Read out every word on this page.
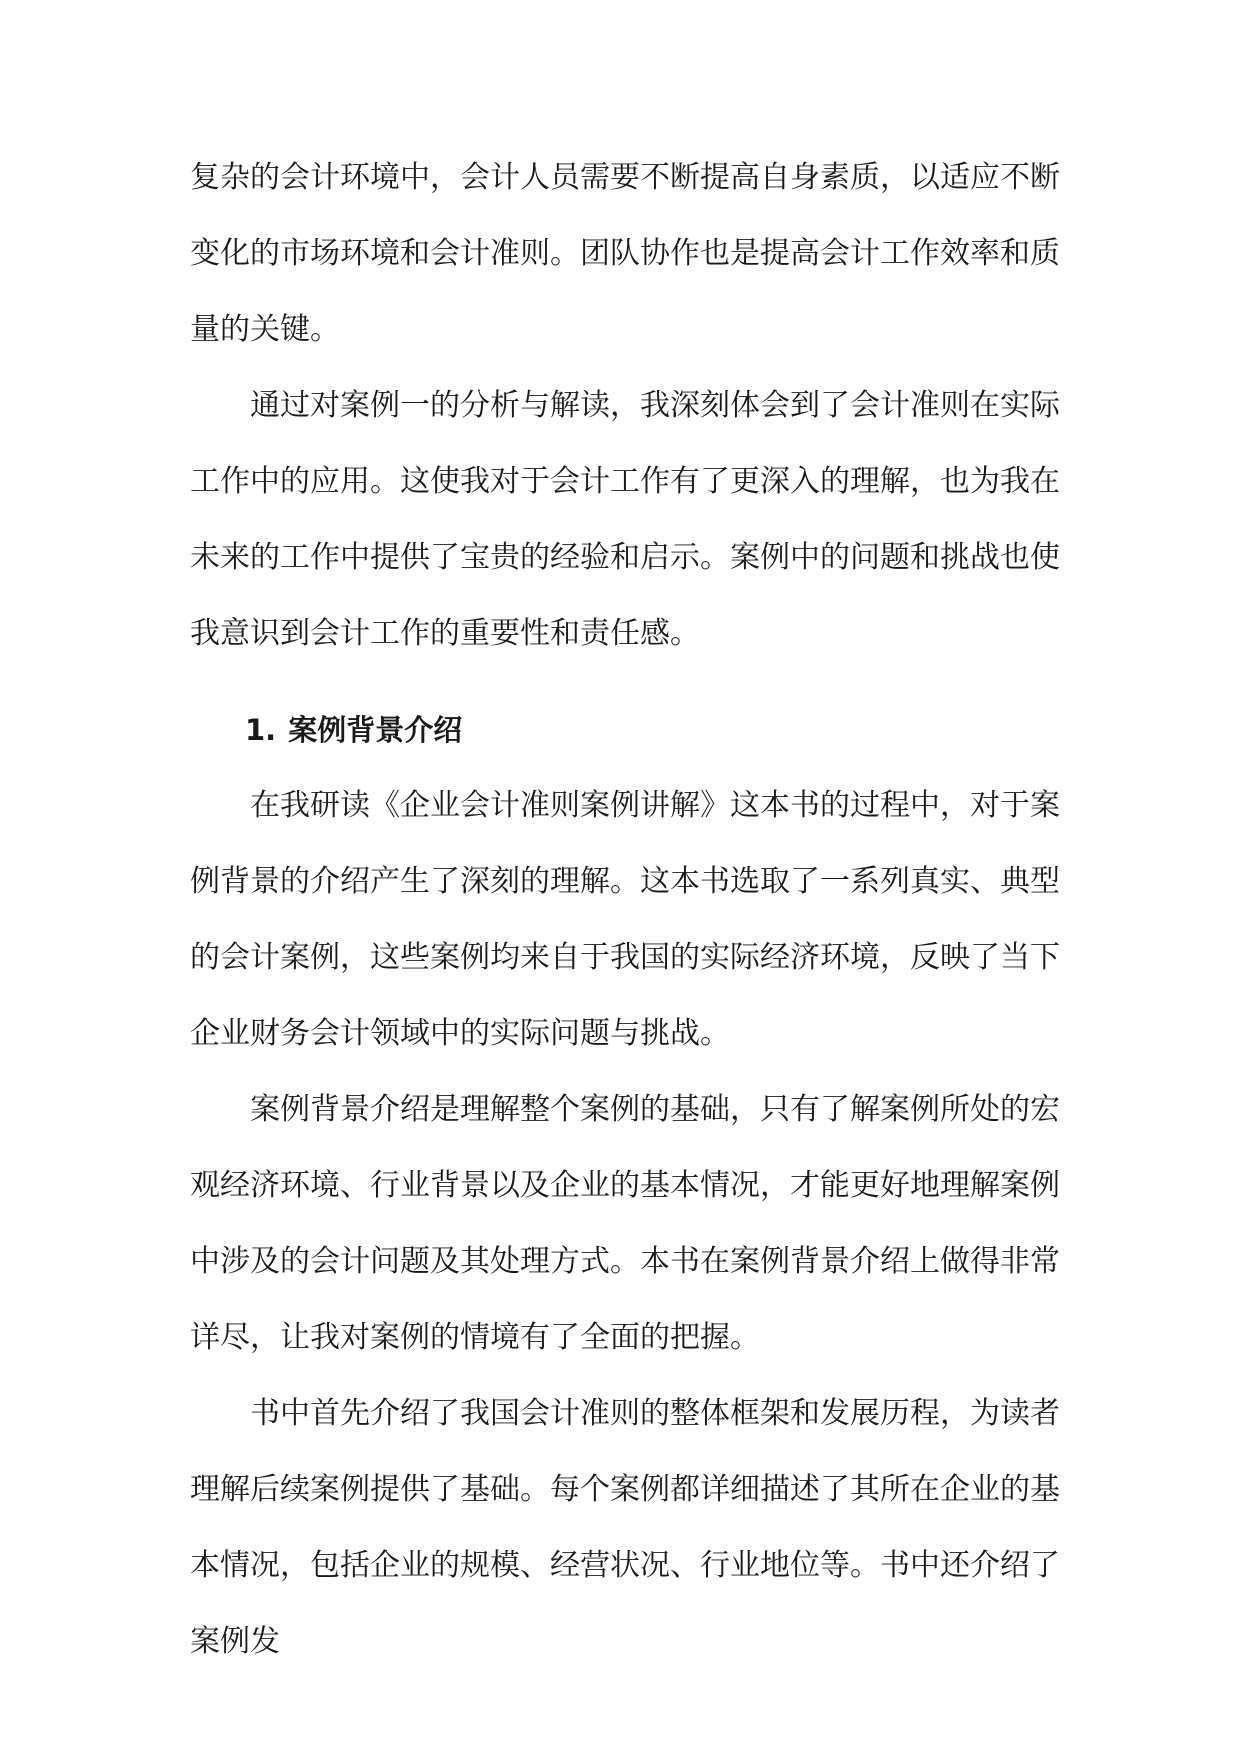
复杂的会计环境中，会计人员需要不断提高自身素质，以适应不断变化的市场环境和会计准则。团队协作也是提高会计工作效率和质量的关键。

通过对案例一的分析与解读，我深刻体会到了会计准则在实际工作中的应用。这使我对于会计工作有了更深入的理解，也为我在未来的工作中提供了宝贵的经验和启示。案例中的问题和挑战也使我意识到会计工作的重要性和责任感。

1. 案例背景介绍

在我研读《企业会计准则案例讲解》这本书的过程中，对于案例背景的介绍产生了深刻的理解。这本书选取了一系列真实、典型的会计案例，这些案例均来自于我国的实际经济环境，反映了当下企业财务会计领域中的实际问题与挑战。

案例背景介绍是理解整个案例的基础，只有了解案例所处的宏观经济环境、行业背景以及企业的基本情况，才能更好地理解案例中涉及的会计问题及其处理方式。本书在案例背景介绍上做得非常详尽，让我对案例的情境有了全面的把握。

书中首先介绍了我国会计准则的整体框架和发展历程，为读者理解后续案例提供了基础。每个案例都详细描述了其所在企业的基本情况，包括企业的规模、经营状况、行业地位等。书中还介绍了案例发
